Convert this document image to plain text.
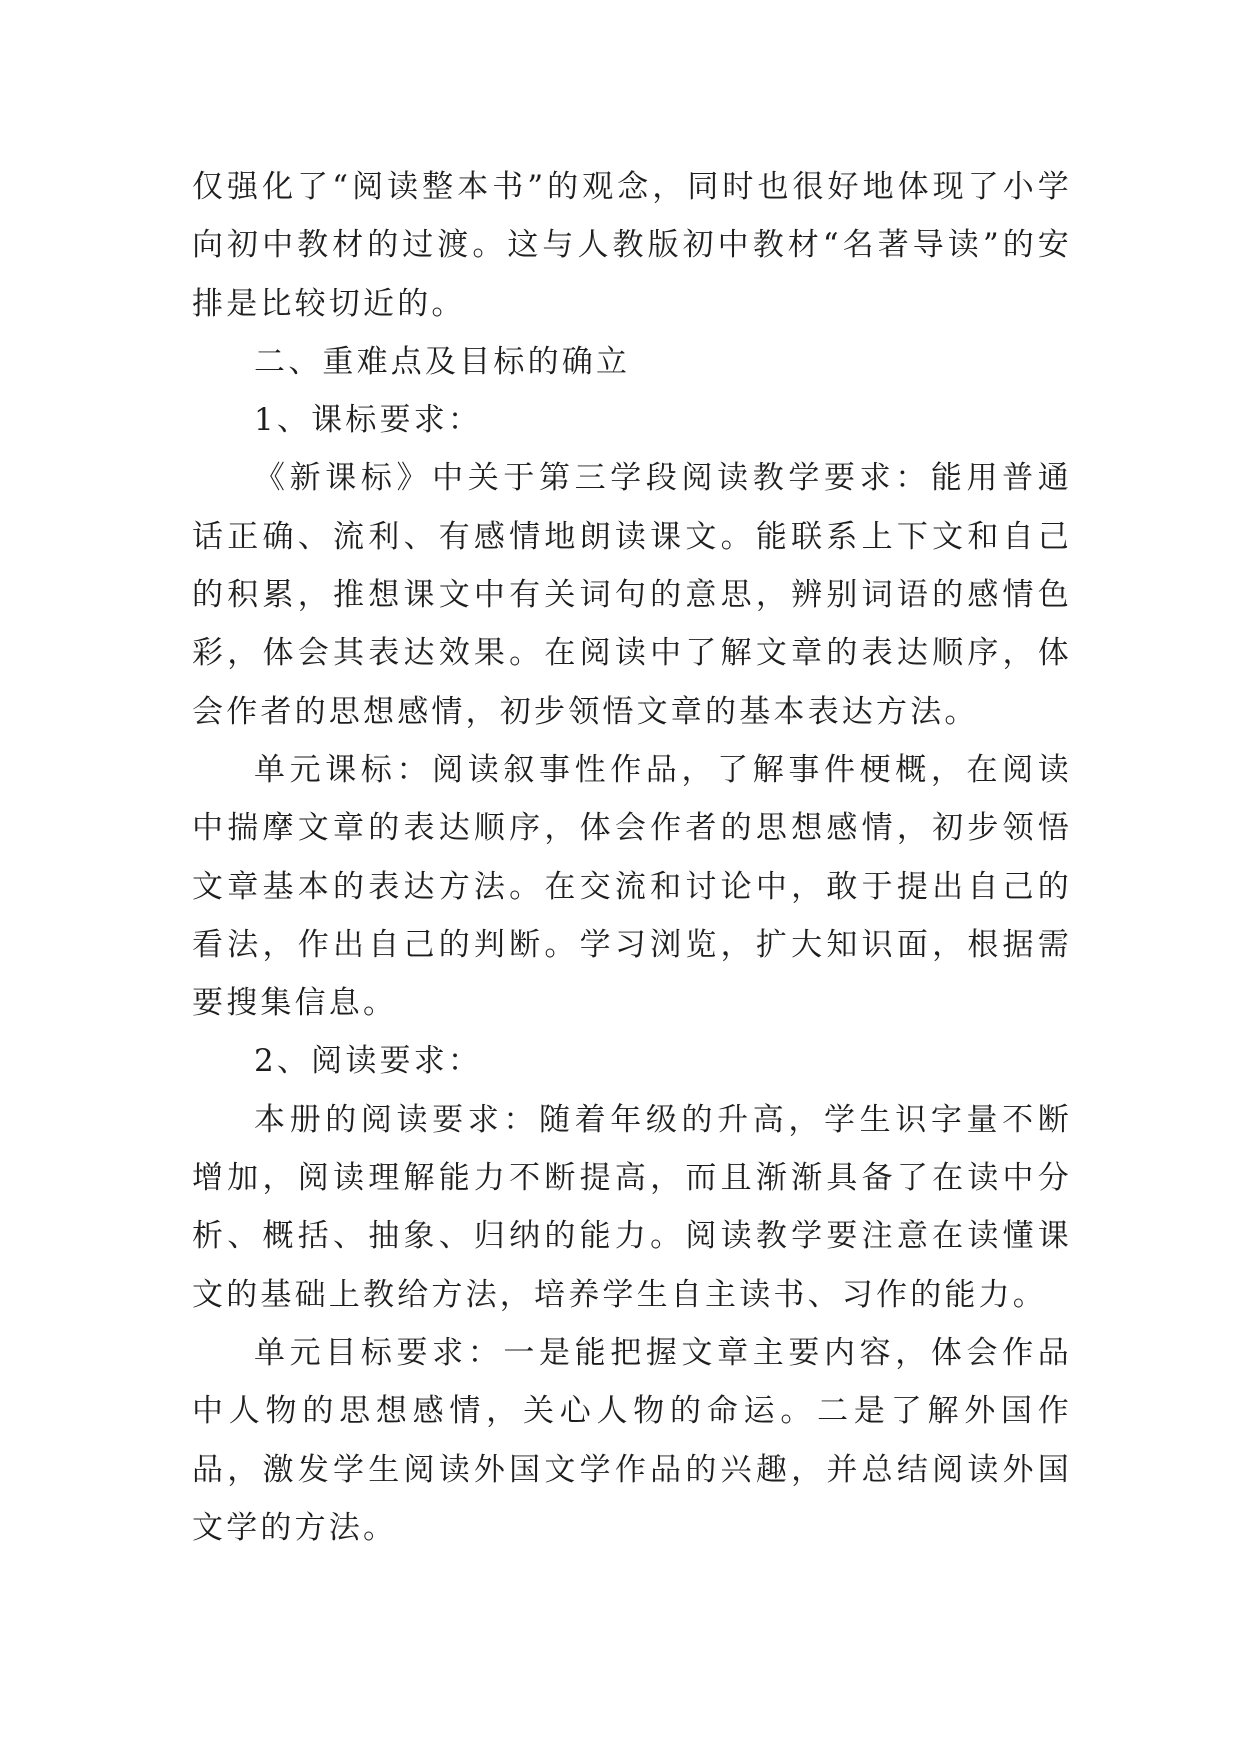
仅强化了“阅读整本书”的观念，同时也很好地体现了小学向初中教材的过渡。这与人教版初中教材“名著导读”的安排是比较切近的。

二、重难点及目标的确立

1、课标要求：

《新课标》中关于第三学段阅读教学要求：能用普通话正确、流利、有感情地朗读课文。能联系上下文和自己的积累，推想课文中有关词句的意思，辨别词语的感情色彩，体会其表达效果。在阅读中了解文章的表达顺序，体会作者的思想感情，初步领悟文章的基本表达方法。

单元课标：阅读叙事性作品，了解事件梗概，在阅读中揣摩文章的表达顺序，体会作者的思想感情，初步领悟文章基本的表达方法。在交流和讨论中，敢于提出自己的看法，作出自己的判断。学习浏览，扩大知识面，根据需要搜集信息。

2、阅读要求：

本册的阅读要求：随着年级的升高，学生识字量不断增加，阅读理解能力不断提高，而且渐渐具备了在读中分析、概括、抽象、归纳的能力。阅读教学要注意在读懂课文的基础上教给方法，培养学生自主读书、习作的能力。

单元目标要求：一是能把握文章主要内容，体会作品中人物的思想感情，关心人物的命运。二是了解外国作品，激发学生阅读外国文学作品的兴趣，并总结阅读外国文学的方法。
